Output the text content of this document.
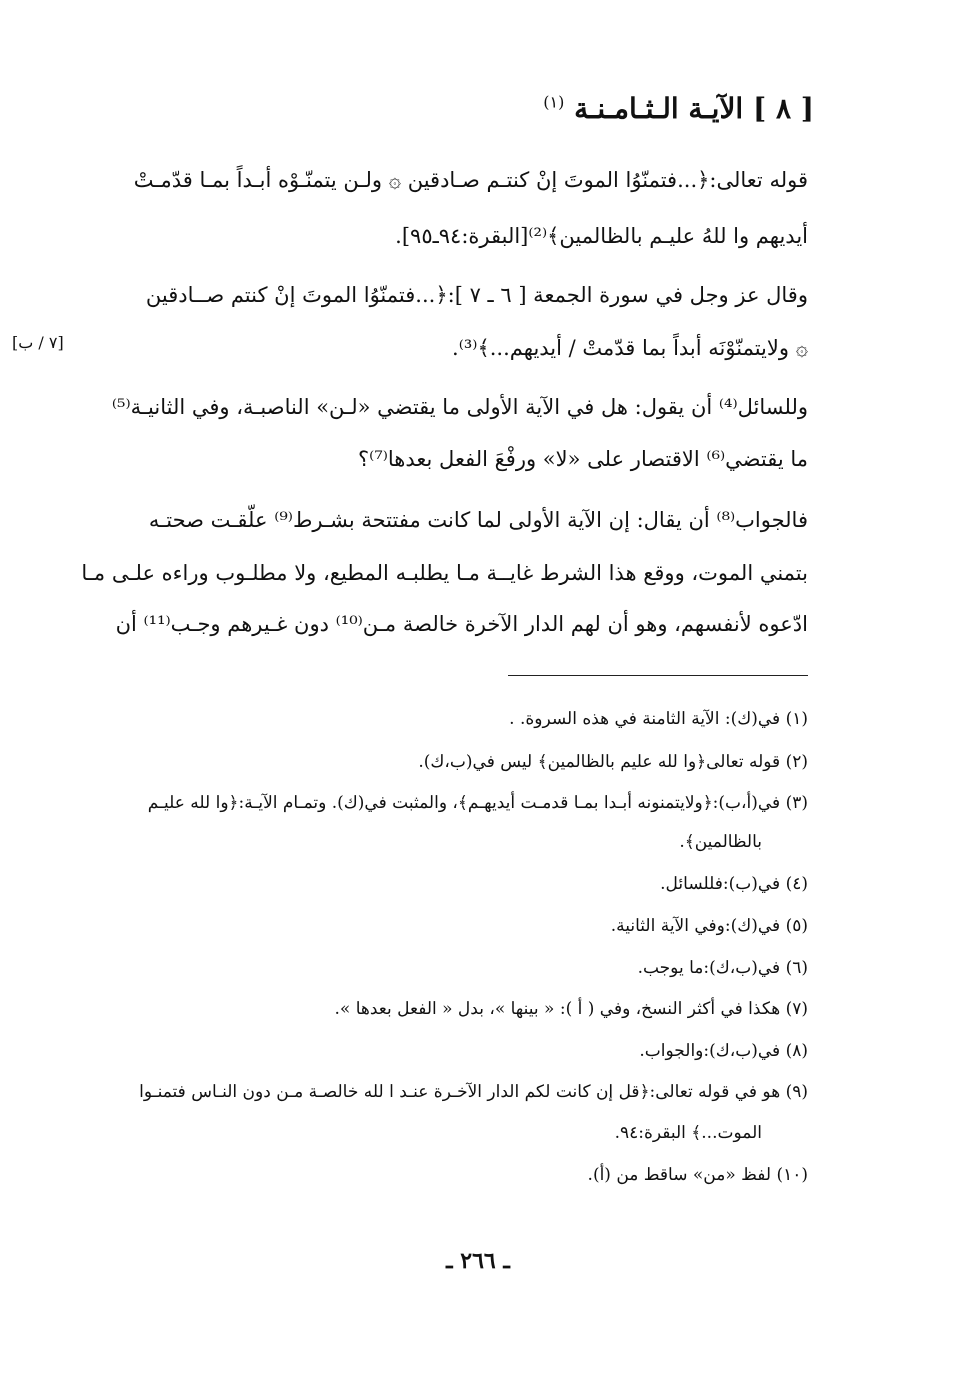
[ ٨ ] الآيـة الـثـامـنـة $^{(١)}$
قوله تعالى:﴿...فتمنّوُا الموتَ إنْ كنتـم صـادقين ۞ ولـن يتمنّـوْه أبـداً بمـا قدّمـتْ
أيديهم وا للهُ عليـم بالظالمين﴾⁽²⁾[البقرة:٩٤ـ٩٥].
وقال عز وجل في سورة الجمعة [ ٦ ـ ٧ ]:﴿...فتمنّوُا الموتَ إنْ كنتم صــادقين
۞ ولايتمنّوْنَه أبداً بما قدّمتْ / أيديهم...﴾⁽³⁾.
[٧ / ب]
وللسائل⁽⁴⁾ أن يقول: هل في الآية الأولى ما يقتضي «لـن» الناصبـة، وفي الثانيـة⁽⁵⁾
ما يقتضي⁽⁶⁾ الاقتصار على «لا» ورفْعَ الفعل بعدها⁽⁷⁾؟
فالجواب⁽⁸⁾ أن يقال: إن الآية الأولى لما كانت مفتتحة بشـرط⁽⁹⁾ علّقـت صحتـه
بتمني الموت، ووقع هذا الشرط غايــة مـا يطلبـه المطيع، ولا مطلـوب وراءه علـى مـا
ادّعوه لأنفسهم، وهو أن لهم الدار الآخرة خالصة مـن⁽¹⁰⁾ دون غـيرهم وجـب⁽¹¹⁾ أن
(١) في(ك): الآية الثامنة في هذه السروة. .
(٢) قوله تعالى﴿وا لله عليم بالظالمين﴾ ليس في(ب،ك).
(٣) في(أ،ب):﴿ولايتمنونه أبـدا بمـا قدمـت أيديهـم﴾، والمثبت في(ك). وتمـام الآيـة:﴿وا لله عليـم
بالظالمين﴾.
(٤) في(ب):فللسائل.
(٥) في(ك):وفي الآية الثانية.
(٦) في(ب،ك):ما يوجب.
(٧) هكذا في أكثر النسخ، وفي ( أ ): « بينها »، بدل « الفعل بعدها ».
(٨) في(ب،ك):والجواب.
(٩) هو في قوله تعالى:﴿قل إن كانت لكم الدار الآخـرة عنـد ا لله خالصـة مـن دون النـاس فتمنـوا
الموت...﴾ البقرة:٩٤.
(١٠) لفظ «من» ساقط من (أ).
ـ ٢٦٦ ـ
